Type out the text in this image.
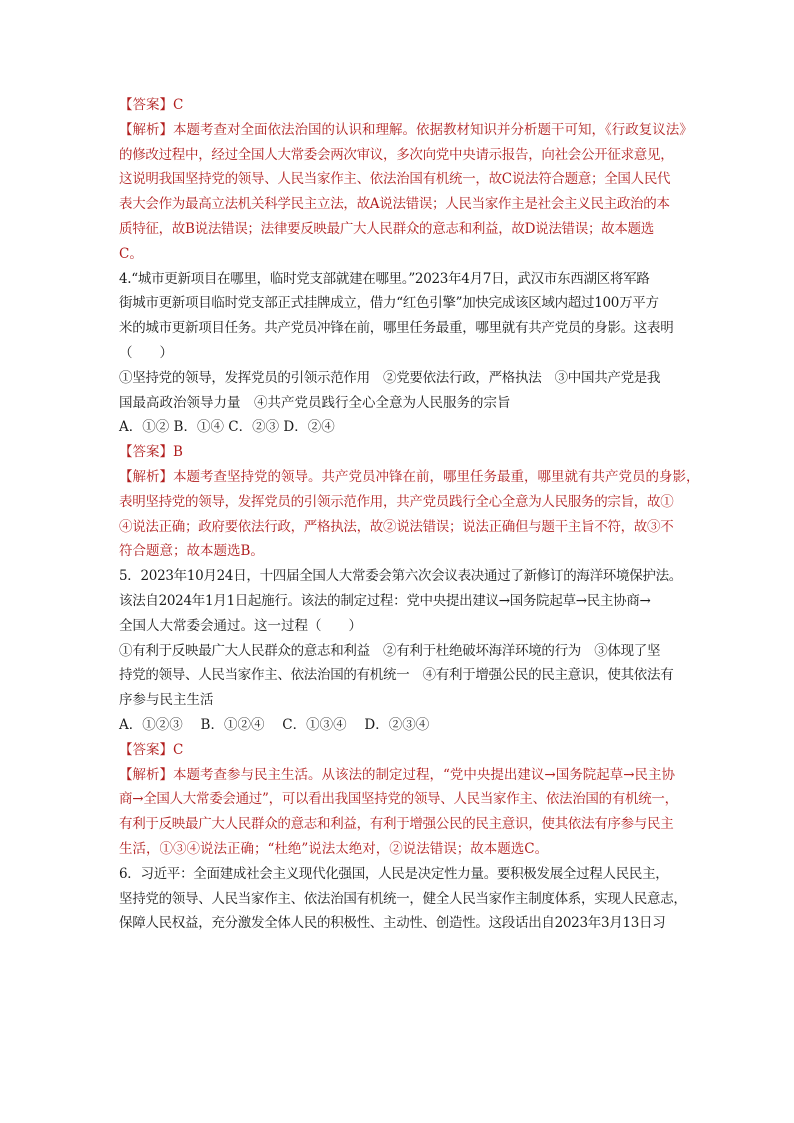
【答案】C
【解析】本题考查对全面依法治国的认识和理解。依据教材知识并分析题干可知，《行政复议法》
的修改过程中，经过全国人大常委会两次审议，多次向党中央请示报告，向社会公开征求意见，
这说明我国坚持党的领导、人民当家作主、依法治国有机统一，故C说法符合题意；全国人民代
表大会作为最高立法机关科学民主立法，故A说法错误；人民当家作主是社会主义民主政治的本
质特征，故B说法错误；法律要反映最广大人民群众的意志和利益，故D说法错误；故本题选
C。
4.“城市更新项目在哪里，临时党支部就建在哪里。”2023年4月7日，武汉市东西湖区将军路
街城市更新项目临时党支部正式挂牌成立，借力“红色引擎”加快完成该区域内超过100万平方
米的城市更新项目任务。共产党员冲锋在前，哪里任务最重，哪里就有共产党员的身影。这表明
（　　）
①坚持党的领导，发挥党员的引领示范作用　②党要依法行政，严格执法　③中国共产党是我
国最高政治领导力量　④共产党员践行全心全意为人民服务的宗旨
A．①② B．①④ C．②③ D．②④
【答案】B
【解析】本题考查坚持党的领导。共产党员冲锋在前，哪里任务最重，哪里就有共产党员的身影，
表明坚持党的领导，发挥党员的引领示范作用，共产党员践行全心全意为人民服务的宗旨，故①
④说法正确；政府要依法行政，严格执法，故②说法错误；说法正确但与题干主旨不符，故③不
符合题意；故本题选B。
5．2023年10月24日，十四届全国人大常委会第六次会议表决通过了新修订的海洋环境保护法。
该法自2024年1月1日起施行。该法的制定过程：党中央提出建议→国务院起草→民主协商→
全国人大常委会通过。这一过程（　　）
①有利于反映最广大人民群众的意志和利益　②有利于杜绝破坏海洋环境的行为　③体现了坚
持党的领导、人民当家作主、依法治国的有机统一　④有利于增强公民的民主意识，使其依法有
序参与民主生活
A．①②③　 B．①②④　 C．①③④　 D．②③④
【答案】C
【解析】本题考查参与民主生活。从该法的制定过程，“党中央提出建议→国务院起草→民主协
商→全国人大常委会通过”，可以看出我国坚持党的领导、人民当家作主、依法治国的有机统一，
有利于反映最广大人民群众的意志和利益，有利于增强公民的民主意识，使其依法有序参与民主
生活，①③④说法正确；“杜绝”说法太绝对，②说法错误；故本题选C。
6．习近平：全面建成社会主义现代化强国，人民是决定性力量。要积极发展全过程人民民主，
坚持党的领导、人民当家作主、依法治国有机统一，健全人民当家作主制度体系，实现人民意志，
保障人民权益，充分激发全体人民的积极性、主动性、创造性。这段话出自2023年3月13日习
